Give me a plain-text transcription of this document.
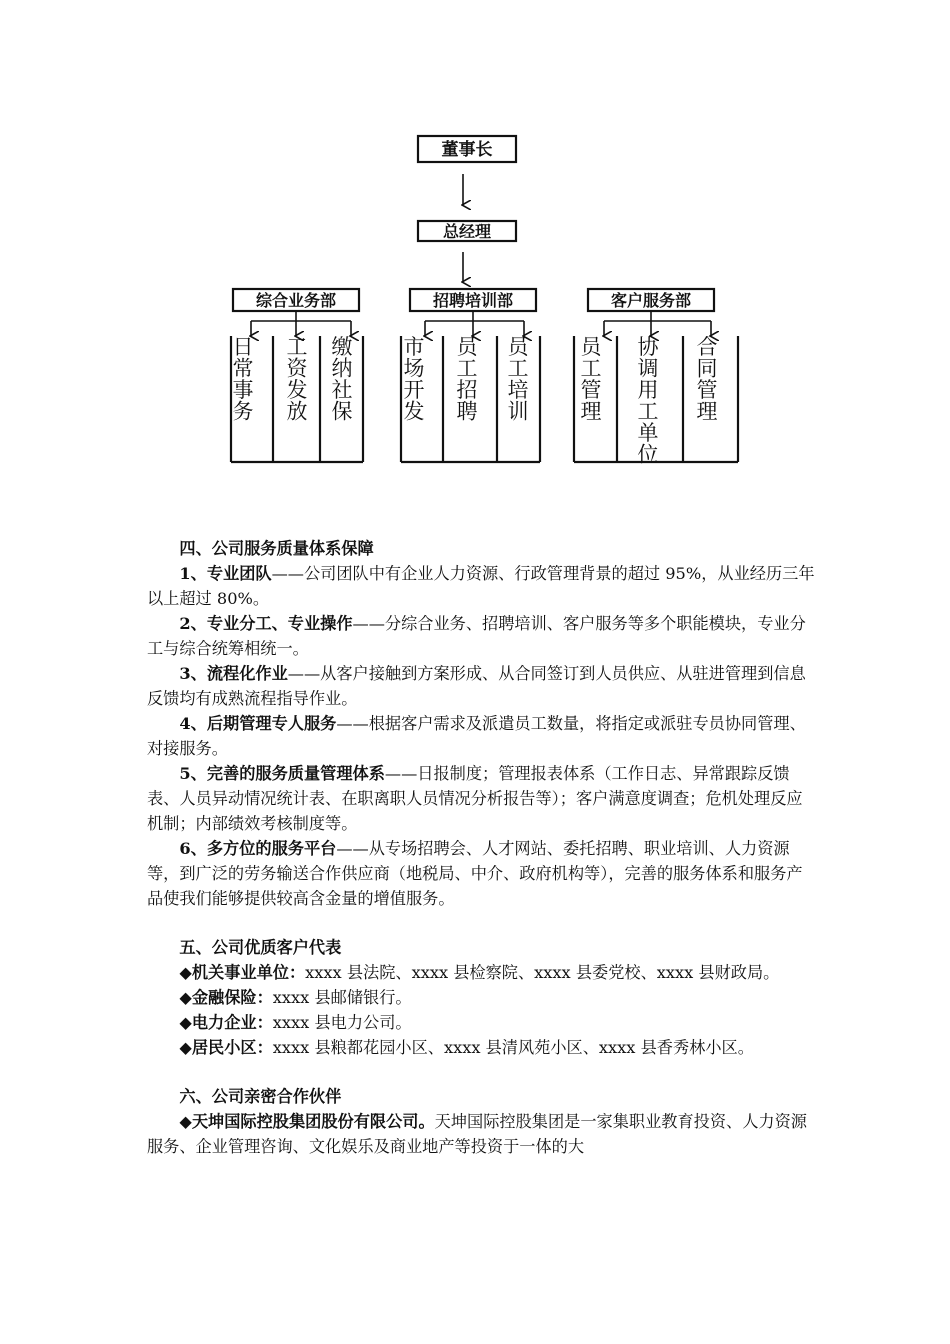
董事长
总经理
综合业务部	招聘培训部	客户服务部
日常事务
工资发放
缴纳社保
市场开发
员工招聘
员工培训
员工管理
协调用工单位
合同管理

四、公司服务质量体系保障

1、专业团队——公司团队中有企业人力资源、行政管理背景的超过 95%，从业经历三年以上超过 80%。

2、专业分工、专业操作——分综合业务、招聘培训、客户服务等多个职能模块，专业分工与综合统筹相统一。

3、流程化作业——从客户接触到方案形成、从合同签订到人员供应、从驻进管理到信息反馈均有成熟流程指导作业。

4、后期管理专人服务——根据客户需求及派遣员工数量，将指定或派驻专员协同管理、对接服务。

5、完善的服务质量管理体系——日报制度；管理报表体系（工作日志、异常跟踪反馈表、人员异动情况统计表、在职离职人员情况分析报告等）；客户满意度调查；危机处理反应机制；内部绩效考核制度等。

6、多方位的服务平台——从专场招聘会、人才网站、委托招聘、职业培训、人力资源等，到广泛的劳务输送合作供应商（地税局、中介、政府机构等），完善的服务体系和服务产品使我们能够提供较高含金量的增值服务。

五、公司优质客户代表

◆机关事业单位：xxxx 县法院、xxxx 县检察院、xxxx 县委党校、xxxx 县财政局。

◆金融保险：xxxx 县邮储银行。

◆电力企业：xxxx 县电力公司。

◆居民小区：xxxx 县粮都花园小区、xxxx 县清风苑小区、xxxx 县香秀林小区。

六、公司亲密合作伙伴

◆天坤国际控股集团股份有限公司。天坤国际控股集团是一家集职业教育投资、人力资源服务、企业管理咨询、文化娱乐及商业地产等投资于一体的大
